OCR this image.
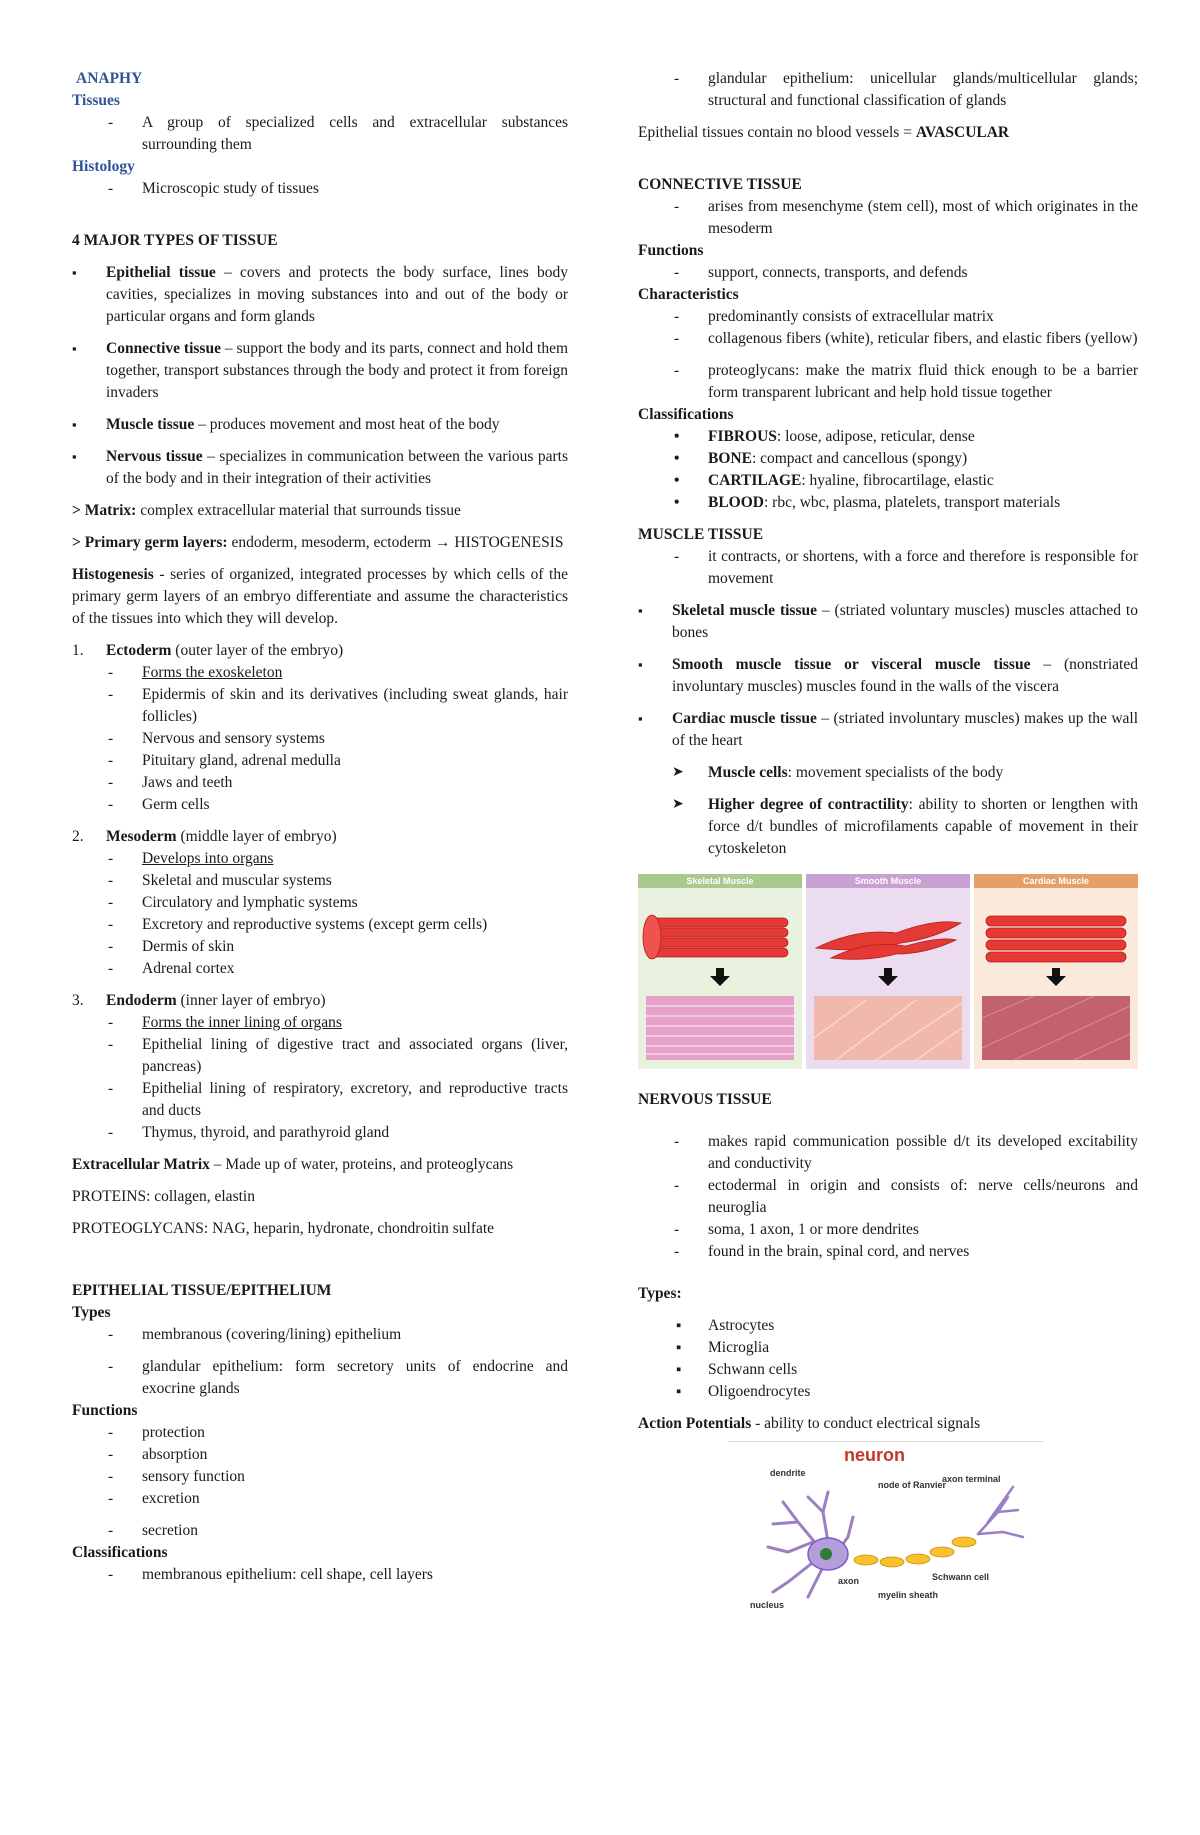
ANAPHY
Tissues
- A group of specialized cells and extracellular substances surrounding them
Histology
- Microscopic study of tissues
4 MAJOR TYPES OF TISSUE
▪ Epithelial tissue – covers and protects the body surface, lines body cavities, specializes in moving substances into and out of the body or particular organs and form glands
▪ Connective tissue – support the body and its parts, connect and hold them together, transport substances through the body and protect it from foreign invaders
▪ Muscle tissue – produces movement and most heat of the body
▪ Nervous tissue – specializes in communication between the various parts of the body and in their integration of their activities

> Matrix: complex extracellular material that surrounds tissue

> Primary germ layers: endoderm, mesoderm, ectoderm → HISTOGENESIS

Histogenesis - series of organized, integrated processes by which cells of the primary germ layers of an embryo differentiate and assume the characteristics of the tissues into which they will develop.

1. Ectoderm (outer layer of the embryo)
- Forms the exoskeleton
- Epidermis of skin and its derivatives (including sweat glands, hair follicles)
- Nervous and sensory systems
- Pituitary gland, adrenal medulla
- Jaws and teeth
- Germ cells
2. Mesoderm (middle layer of embryo)
- Develops into organs
- Skeletal and muscular systems
- Circulatory and lymphatic systems
- Excretory and reproductive systems (except germ cells)
- Dermis of skin
- Adrenal cortex
3. Endoderm (inner layer of embryo)
- Forms the inner lining of organs
- Epithelial lining of digestive tract and associated organs (liver, pancreas)
- Epithelial lining of respiratory, excretory, and reproductive tracts and ducts
- Thymus, thyroid, and parathyroid gland

Extracellular Matrix – Made up of water, proteins, and proteoglycans

PROTEINS: collagen, elastin

PROTEOGLYCANS: NAG, heparin, hydronate, chondroitin sulfate

EPITHELIAL TISSUE/EPITHELIUM
Types
- membranous (covering/lining) epithelium
- glandular epithelium: form secretory units of endocrine and exocrine glands
Functions
- protection
- absorption
- sensory function
- excretion
- secretion
Classifications
- membranous epithelium: cell shape, cell layers
- glandular epithelium: unicellular glands/multicellular glands; structural and functional classification of glands

Epithelial tissues contain no blood vessels = AVASCULAR

CONNECTIVE TISSUE
- arises from mesenchyme (stem cell), most of which originates in the mesoderm
Functions
- support, connects, transports, and defends
Characteristics
- predominantly consists of extracellular matrix
- collagenous fibers (white), reticular fibers, and elastic fibers (yellow)
- proteoglycans: make the matrix fluid thick enough to be a barrier form transparent lubricant and help hold tissue together
Classifications
• FIBROUS: loose, adipose, reticular, dense
• BONE: compact and cancellous (spongy)
• CARTILAGE: hyaline, fibrocartilage, elastic
• BLOOD: rbc, wbc, plasma, platelets, transport materials
MUSCLE TISSUE
- it contracts, or shortens, with a force and therefore is responsible for movement
▪ Skeletal muscle tissue – (striated voluntary muscles) muscles attached to bones
▪ Smooth muscle tissue or visceral muscle tissue – (nonstriated involuntary muscles) muscles found in the walls of the viscera
▪ Cardiac muscle tissue – (striated involuntary muscles) makes up the wall of the heart
➤ Muscle cells: movement specialists of the body
➤ Higher degree of contractility: ability to shorten or lengthen with force d/t bundles of microfilaments capable of movement in their cytoskeleton
Skeletal Muscle	Smooth Muscle	Cardiac Muscle
NERVOUS TISSUE
- makes rapid communication possible d/t its developed excitability and conductivity
- ectodermal in origin and consists of: nerve cells/neurons and neuroglia
- soma, 1 axon, 1 or more dendrites
- found in the brain, spinal cord, and nerves
Types:
▪ Astrocytes
▪ Microglia
▪ Schwann cells
▪ Oligoendrocytes

Action Potentials - ability to conduct electrical signals

neuron
dendrite
node of Ranvier
axon terminal
axon	Schwann cell
myelin sheath
nucleus
